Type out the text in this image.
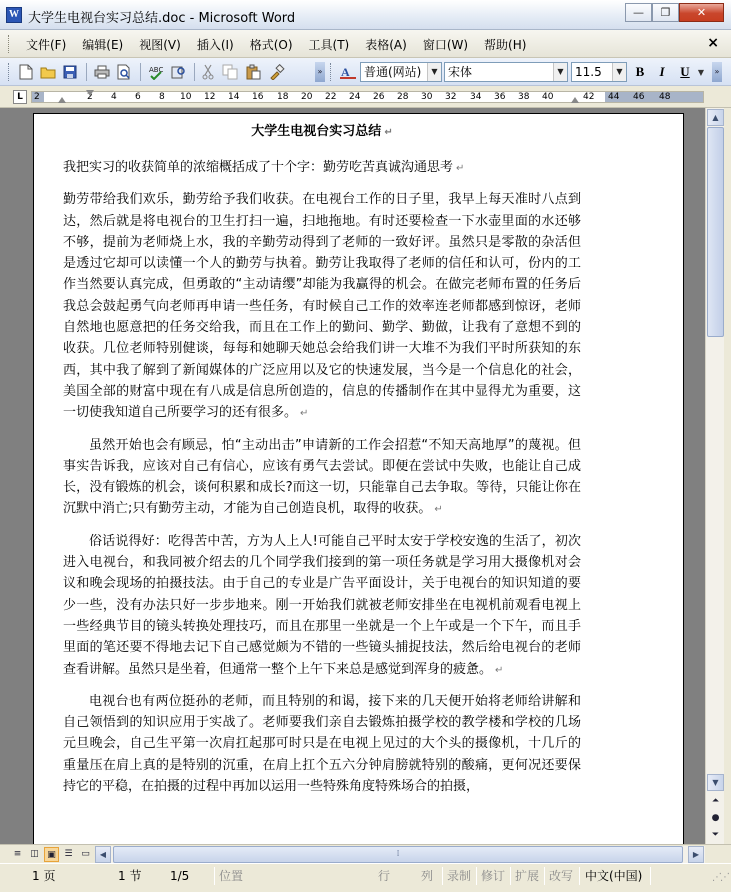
W 大学生电视台实习总结.doc - Microsoft Word	—	❐	✕
文件(F)	编辑(E)	视图(V)	插入(I)	格式(O)	工具(T)	表格(A)	窗口(W)	帮助(H)	×
ABC	» A	普通(网站)	▼ 宋体	▼ 11.5	▼	B	I	U	▼	»
L	2	2 4 6 8 10 12 14 16 18 20 22 24 26 28 30 32 34 36 38 40	42 44 46 48
大学生电视台实习总结 ↵
我把实习的收获简单的浓缩概括成了十个字：勤劳吃苦真诚沟通思考 ↵
勤劳带给我们欢乐，勤劳给予我们收获。在电视台工作的日子里，我早上每天准时八点到达，然后就是将电视台的卫生打扫一遍，扫地拖地。有时还要检查一下水壶里面的水还够不够，提前为老师烧上水，我的辛勤劳动得到了老师的一致好评。虽然只是零散的杂活但是透过它却可以读懂一个人的勤劳与执着。勤劳让我取得了老师的信任和认可，份内的工作当然要认真完成，但勇敢的“主动请缨”却能为我赢得的机会。在做完老师布置的任务后我总会鼓起勇气向老师再申请一些任务，有时候自己工作的效率连老师都感到惊讶，老师自然地也愿意把的任务交给我，而且在工作上的勤问、勤学、勤做，让我有了意想不到的收获。几位老师特别健谈，每每和她聊天她总会给我们讲一大堆不为我们平时所获知的东西，其中我了解到了新闻媒体的广泛应用以及它的快速发展，当今是一个信息化的社会，美国全部的财富中现在有八成是信息所创造的，信息的传播制作在其中显得尤为重要，这一切使我知道自己所要学习的还有很多。 ↵
虽然开始也会有顾忌，怕“主动出击”申请新的工作会招惹“不知天高地厚”的蔑视。但事实告诉我，应该对自己有信心，应该有勇气去尝试。即便在尝试中失败，也能让自己成长，没有锻炼的机会，谈何积累和成长?而这一切，只能靠自己去争取。等待，只能让你在沉默中消亡;只有勤劳主动，才能为自己创造良机，取得的收获。 ↵
俗话说得好：吃得苦中苦，方为人上人!可能自己平时太安于学校安逸的生活了，初次进入电视台，和我同被介绍去的几个同学我们接到的第一项任务就是学习用大摄像机对会议和晚会现场的拍摄技法。由于自己的专业是广告平面设计，关于电视台的知识知道的要少一些，没有办法只好一步步地来。刚一开始我们就被老师安排坐在电视机前观看电视上一些经典节目的镜头转换处理技巧，而且在那里一坐就是一个上午或是一个下午，而且手里面的笔还要不得地去记下自己感觉颇为不错的一些镜头捕捉技法，然后给电视台的老师查看讲解。虽然只是坐着，但通常一整个上午下来总是感觉到浑身的疲惫。 ↵
电视台也有两位挺孙的老师，而且特别的和谒，接下来的几天便开始将老师给讲解和自己领悟到的知识应用于实战了。老师要我们亲自去锻炼拍摄学校的教学楼和学校的几场元旦晚会，自己生平第一次肩扛起那可时只是在电视上见过的大个头的摄像机，十几斤的重量压在肩上真的是特别的沉重，在肩上扛个五六分钟肩膀就特别的酸痛，更何况还要保持它的平稳，在拍摄的过程中再加以运用一些特殊角度特殊场合的拍摄，
▲
▼
⏶
●
⏷
≡ ◫ ▣ ☰ ▭	◀	⁞	▶
1 页	1 节 1/5 位置	行	列 录制 修订 扩展 改写 中文(中国)	⋰⋰
